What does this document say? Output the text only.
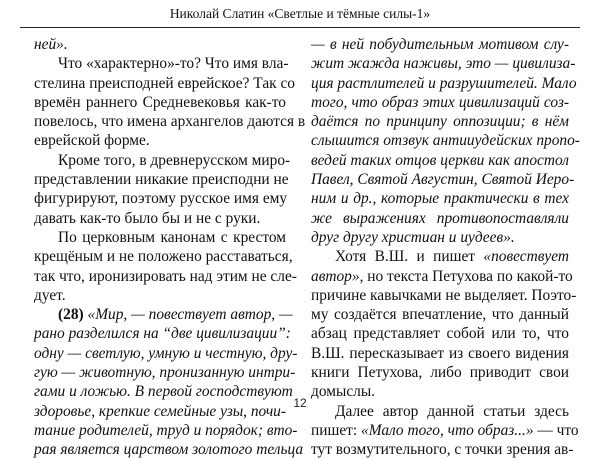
Николай Слатин «Светлые и тёмные силы-1»
ней».
Что «характерно»-то? Что имя вла-
стелина преисподней еврейское? Так со
времён раннего Средневековья как-то
повелось, что имена архангелов даются в
еврейской форме.
Кроме того, в древнерусском миро-
представлении никакие преисподни не
фигурируют, поэтому русское имя ему
давать как-то было бы и не с руки.
По церковным канонам с крестом
крещёным и не положено расставаться,
так что, иронизировать над этим не сле-
дует.
(28) «Мир, — повествует автор, —
рано разделился на “две цивилизации”:
одну — светлую, умную и честную, дру-
гую — животную, пронизанную интри-
гами и ложью. В первой господствуют
здоровье, крепкие семейные узы, почи-
тание родителей, труд и порядок; вто-
рая является царством золотого тельца
— в ней побудительным мотивом слу-
жит жажда наживы, это — цивилиза-
ция растлителей и разрушителей. Мало
того, что образ этих цивилизаций соз-
даётся по принципу оппозиции; в нём
слышится отзвук антииудейских пропо-
ведей таких отцов церкви как апостол
Павел, Святой Августин, Святой Иеро-
ним и др., которые практически в тех
же выражениях противопоставляли
друг другу христиан и иудеев».
Хотя В.Ш. и пишет «повествует
автор», но текста Петухова по какой-то
причине кавычками не выделяет. Поэто-
му создаётся впечатление, что данный
абзац представляет собой или то, что
В.Ш. пересказывает из своего видения
книги Петухова, либо приводит свои
домыслы.
Далее автор данной статьи здесь
пишет: «Мало того, что образ...» — что
тут возмутительного, с точки зрения ав-
12
